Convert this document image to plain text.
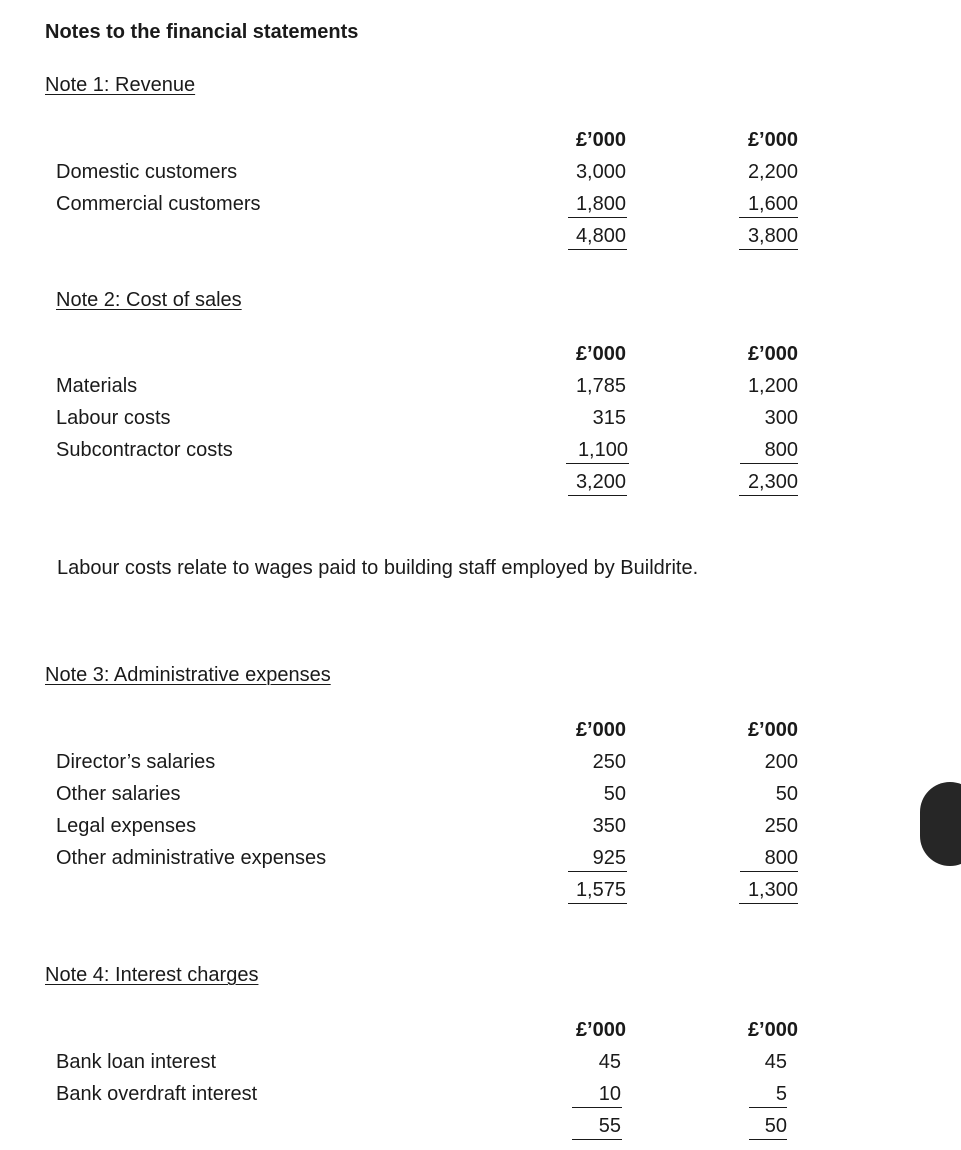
Notes to the financial statements
Note 1: Revenue
£’000	£’000
Domestic customers	3,000	2,200
Commercial customers	1,800	1,600
4,800	3,800
Note 2: Cost of sales
£’000	£’000
Materials	1,785	1,200
Labour costs	315	300
Subcontractor costs	1,100	800
3,200	2,300
Labour costs relate to wages paid to building staff employed by Buildrite.
Note 3: Administrative expenses
£’000	£’000
Director’s salaries	250	200
Other salaries	50	50
Legal expenses	350	250
Other administrative expenses	925	800
1,575	1,300
Note 4: Interest charges
£’000	£’000
Bank loan interest	45	45
Bank overdraft interest	10	5
55	50
